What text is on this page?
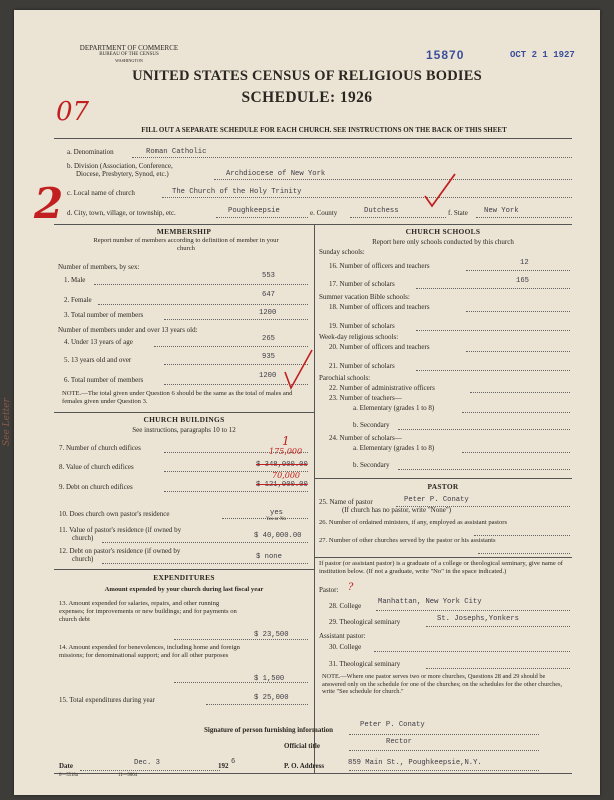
DEPARTMENT OF COMMERCE
BUREAU OF THE CENSUS
WASHINGTON	15870	OCT 2 1 1927
UNITED STATES CENSUS OF RELIGIOUS BODIES
SCHEDULE: 1926
07
FILL OUT A SEPARATE SCHEDULE FOR EACH CHURCH. SEE INSTRUCTIONS ON THE BACK OF THIS SHEET
2
a. Denomination	Roman Catholic
b. Division (Association, Conference,
Diocese, Presbytery, Synod, etc.)	Archdiocese of New York
c. Local name of church	The Church of the Holy Trinity
d. City, town, village, or township, etc.	Poughkeepsie	e. County	Dutchess	f. State New York
MEMBERSHIP
Report number of members according to definition of member in your church
Number of members, by sex:
1. Male	553
2. Female
647
3. Total number of members	1200
Number of members under and over 13 years old:
4. Under 13 years of age	265
5. 13 years old and over	935
6. Total number of members	1200
NOTE.—The total given under Question 6 should be the same as the total of males and females given under Question 3.
CHURCH BUILDINGS
See instructions, paragraphs 10 to 12
7. Number of church edifices	1
175,000
8. Value of church edifices	$ 348,000.00
70,000
9. Debt on church edifices	$ 121,000.00
See Letter
10. Does church own pastor's residence	yes
Yes or No
11. Value of pastor's residence (if owned by
church)	$ 40,000.00
12. Debt on pastor's residence (if owned by
church)	$ none
EXPENDITURES
Amount expended by your church during last fiscal year
13. Amount expended for salaries, repairs, and other running expenses; for improvements or new buildings; and for payments on church debt
$ 23,500
14. Amount expended for benevolences, including home and foreign missions; for denominational support; and for all other purposes
$ 1,500
15. Total expenditures during year	$ 25,000
CHURCH SCHOOLS
Report here only schools conducted by this church
Sunday schools:
16. Number of officers and teachers	12
17. Number of scholars	165
Summer vacation Bible schools:
18. Number of officers and teachers
19. Number of scholars
Week-day religious schools:
20. Number of officers and teachers
21. Number of scholars
Parochial schools:
22. Number of administrative officers
23. Number of teachers—
a. Elementary (grades 1 to 8)
b. Secondary
24. Number of scholars—
a. Elementary (grades 1 to 8)
b. Secondary
PASTOR
25. Name of pastor	Peter P. Conaty
(If church has no pastor, write "None")
26. Number of ordained ministers, if any, employed as assistant pastors
27. Number of other churches served by the pastor or his assistants
If pastor (or assistant pastor) is a graduate of a college or theological seminary, give name of institution below. (If not a graduate, write "No" in the space indicated.)
Pastor: ?
28. College Manhattan, New York City
29. Theological seminary	St. Josephs,Yonkers
Assistant pastor:
30. College
31. Theological seminary
NOTE.—Where one pastor serves two or more churches, Questions 28 and 29 should be answered only on the schedule for one of the churches; on the schedules for the other churches, write "See schedule for church."
Signature of person furnishing information
Peter P. Conaty
Official title	Rector
Date	Dec. 3	192 6	P. O. Address	859 Main St., Poughkeepsie,N.Y.
6—5518a	11—9064
